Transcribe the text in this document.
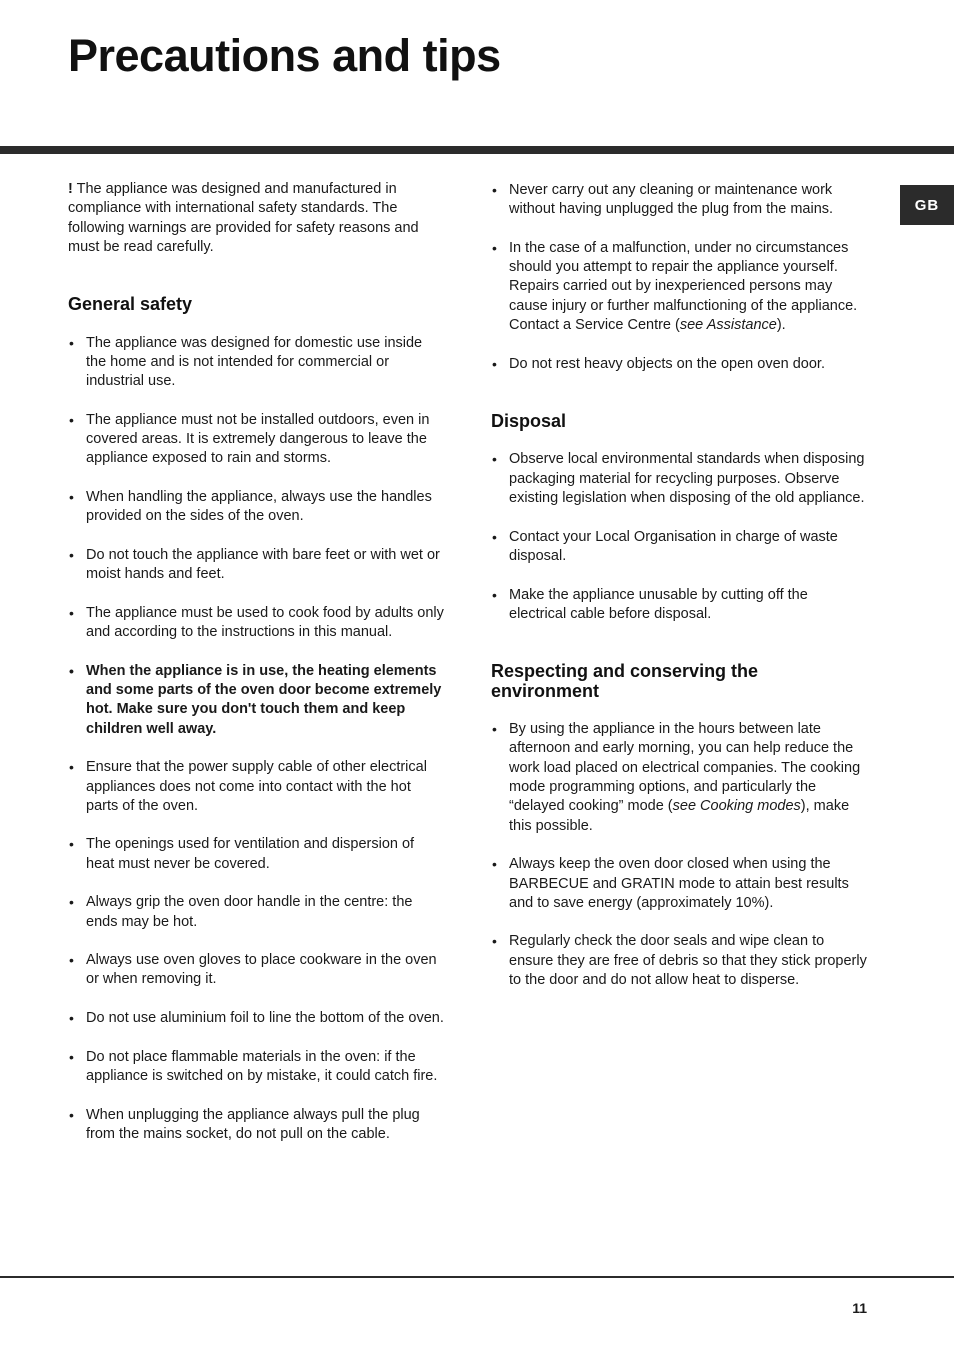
Precautions and tips
GB

! The appliance was designed and manufactured in compliance with international safety standards. The following warnings are provided for safety reasons and must be read carefully.

General safety
• The appliance was designed for domestic use inside the home and is not intended for commercial or industrial use.
• The appliance must not be installed outdoors, even in covered areas. It is extremely dangerous to leave the appliance exposed to rain and storms.
• When handling the appliance, always use the handles provided on the sides of the oven.
• Do not touch the appliance with bare feet or with wet or moist hands and feet.
• The appliance must be used to cook food by adults only and according to the instructions in this manual.
• When the appliance is in use, the heating elements and some parts of the oven door become extremely hot. Make sure you don't touch them and keep children well away.
• Ensure that the power supply cable of other electrical appliances does not come into contact with the hot parts of the oven.
• The openings used for ventilation and dispersion of heat must never be covered.
• Always grip the oven door handle in the centre: the ends may be hot.
• Always use oven gloves to place cookware in the oven or when removing it.
• Do not use aluminium foil to line the bottom of the oven.
• Do not place flammable materials in the oven: if the appliance is switched on by mistake, it could catch fire.
• When unplugging the appliance always pull the plug from the mains socket, do not pull on the cable.
• Never carry out any cleaning or maintenance work without having unplugged the plug from the mains.
• In the case of a malfunction, under no circumstances should you attempt to repair the appliance yourself. Repairs carried out by inexperienced persons may cause injury or further malfunctioning of the appliance. Contact a Service Centre (see Assistance).
• Do not rest heavy objects on the open oven door.
Disposal
• Observe local environmental standards when disposing packaging material for recycling purposes. Observe existing legislation when disposing of the old appliance.
• Contact your Local Organisation in charge of waste disposal.
• Make the appliance unusable by cutting off the electrical cable before disposal.
Respecting and conserving the environment
• By using the appliance in the hours between late afternoon and early morning, you can help reduce the work load placed on electrical companies. The cooking mode programming options, and particularly the “delayed cooking” mode (see Cooking modes), make this possible.
• Always keep the oven door closed when using the BARBECUE and GRATIN mode to attain best results and to save energy (approximately 10%).
• Regularly check the door seals and wipe clean to ensure they are free of debris so that they stick properly to the door and do not allow heat to disperse.
11
